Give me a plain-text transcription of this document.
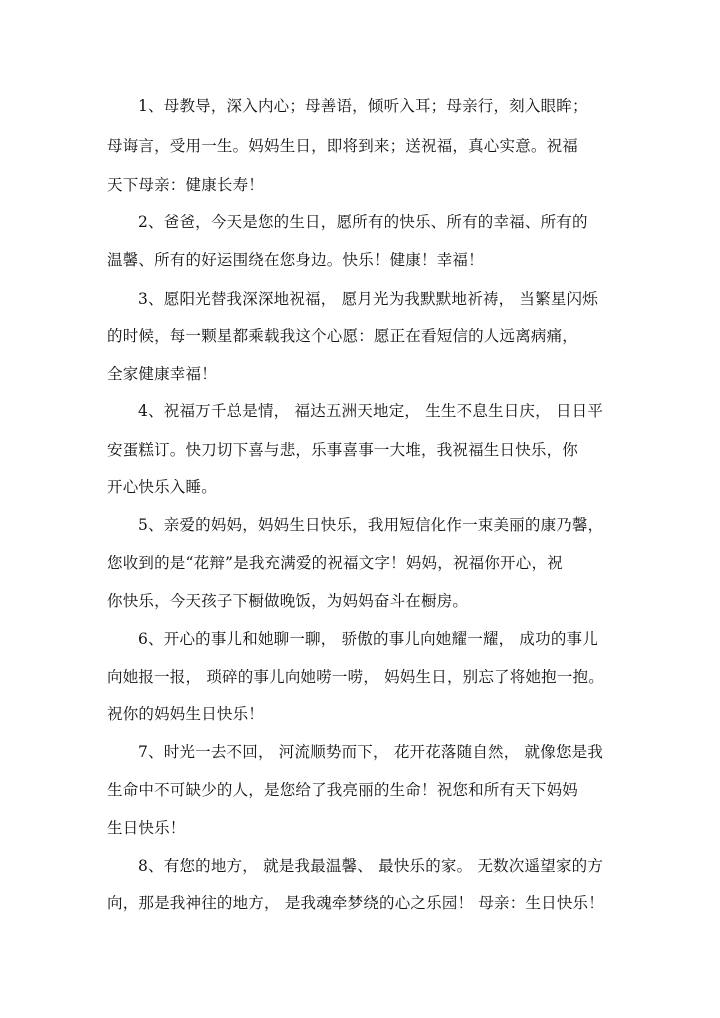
1、母教导，深入内心；母善语，倾听入耳；母亲行，刻入眼眸；
母诲言，受用一生。妈妈生日，即将到来；送祝福，真心实意。祝福
天下母亲：健康长寿！
2、爸爸，今天是您的生日，愿所有的快乐、所有的幸福、所有的
温馨、所有的好运围绕在您身边。快乐！健康！幸福！
3、愿阳光替我深深地祝福， 愿月光为我默默地祈祷， 当繁星闪烁
的时候，每一颗星都乘载我这个心愿：愿正在看短信的人远离病痛，
全家健康幸福！
4、祝福万千总是情， 福达五洲天地定， 生生不息生日庆， 日日平
安蛋糕订。快刀切下喜与悲，乐事喜事一大堆，我祝福生日快乐，你
开心快乐入睡。
5、亲爱的妈妈，妈妈生日快乐，我用短信化作一束美丽的康乃馨，
您收到的是“花辩”是我充满爱的祝福文字！妈妈，祝福你开心，祝
你快乐，今天孩子下橱做晚饭，为妈妈奋斗在橱房。
6、开心的事儿和她聊一聊， 骄傲的事儿向她耀一耀， 成功的事儿
向她报一报， 琐碎的事儿向她唠一唠， 妈妈生日，别忘了将她抱一抱。
祝你的妈妈生日快乐！
7、时光一去不回， 河流顺势而下， 花开花落随自然， 就像您是我
生命中不可缺少的人，是您给了我亮丽的生命！祝您和所有天下妈妈
生日快乐！
8、有您的地方， 就是我最温馨、 最快乐的家。 无数次遥望家的方
向，那是我神往的地方， 是我魂牵梦绕的心之乐园！ 母亲：生日快乐！
